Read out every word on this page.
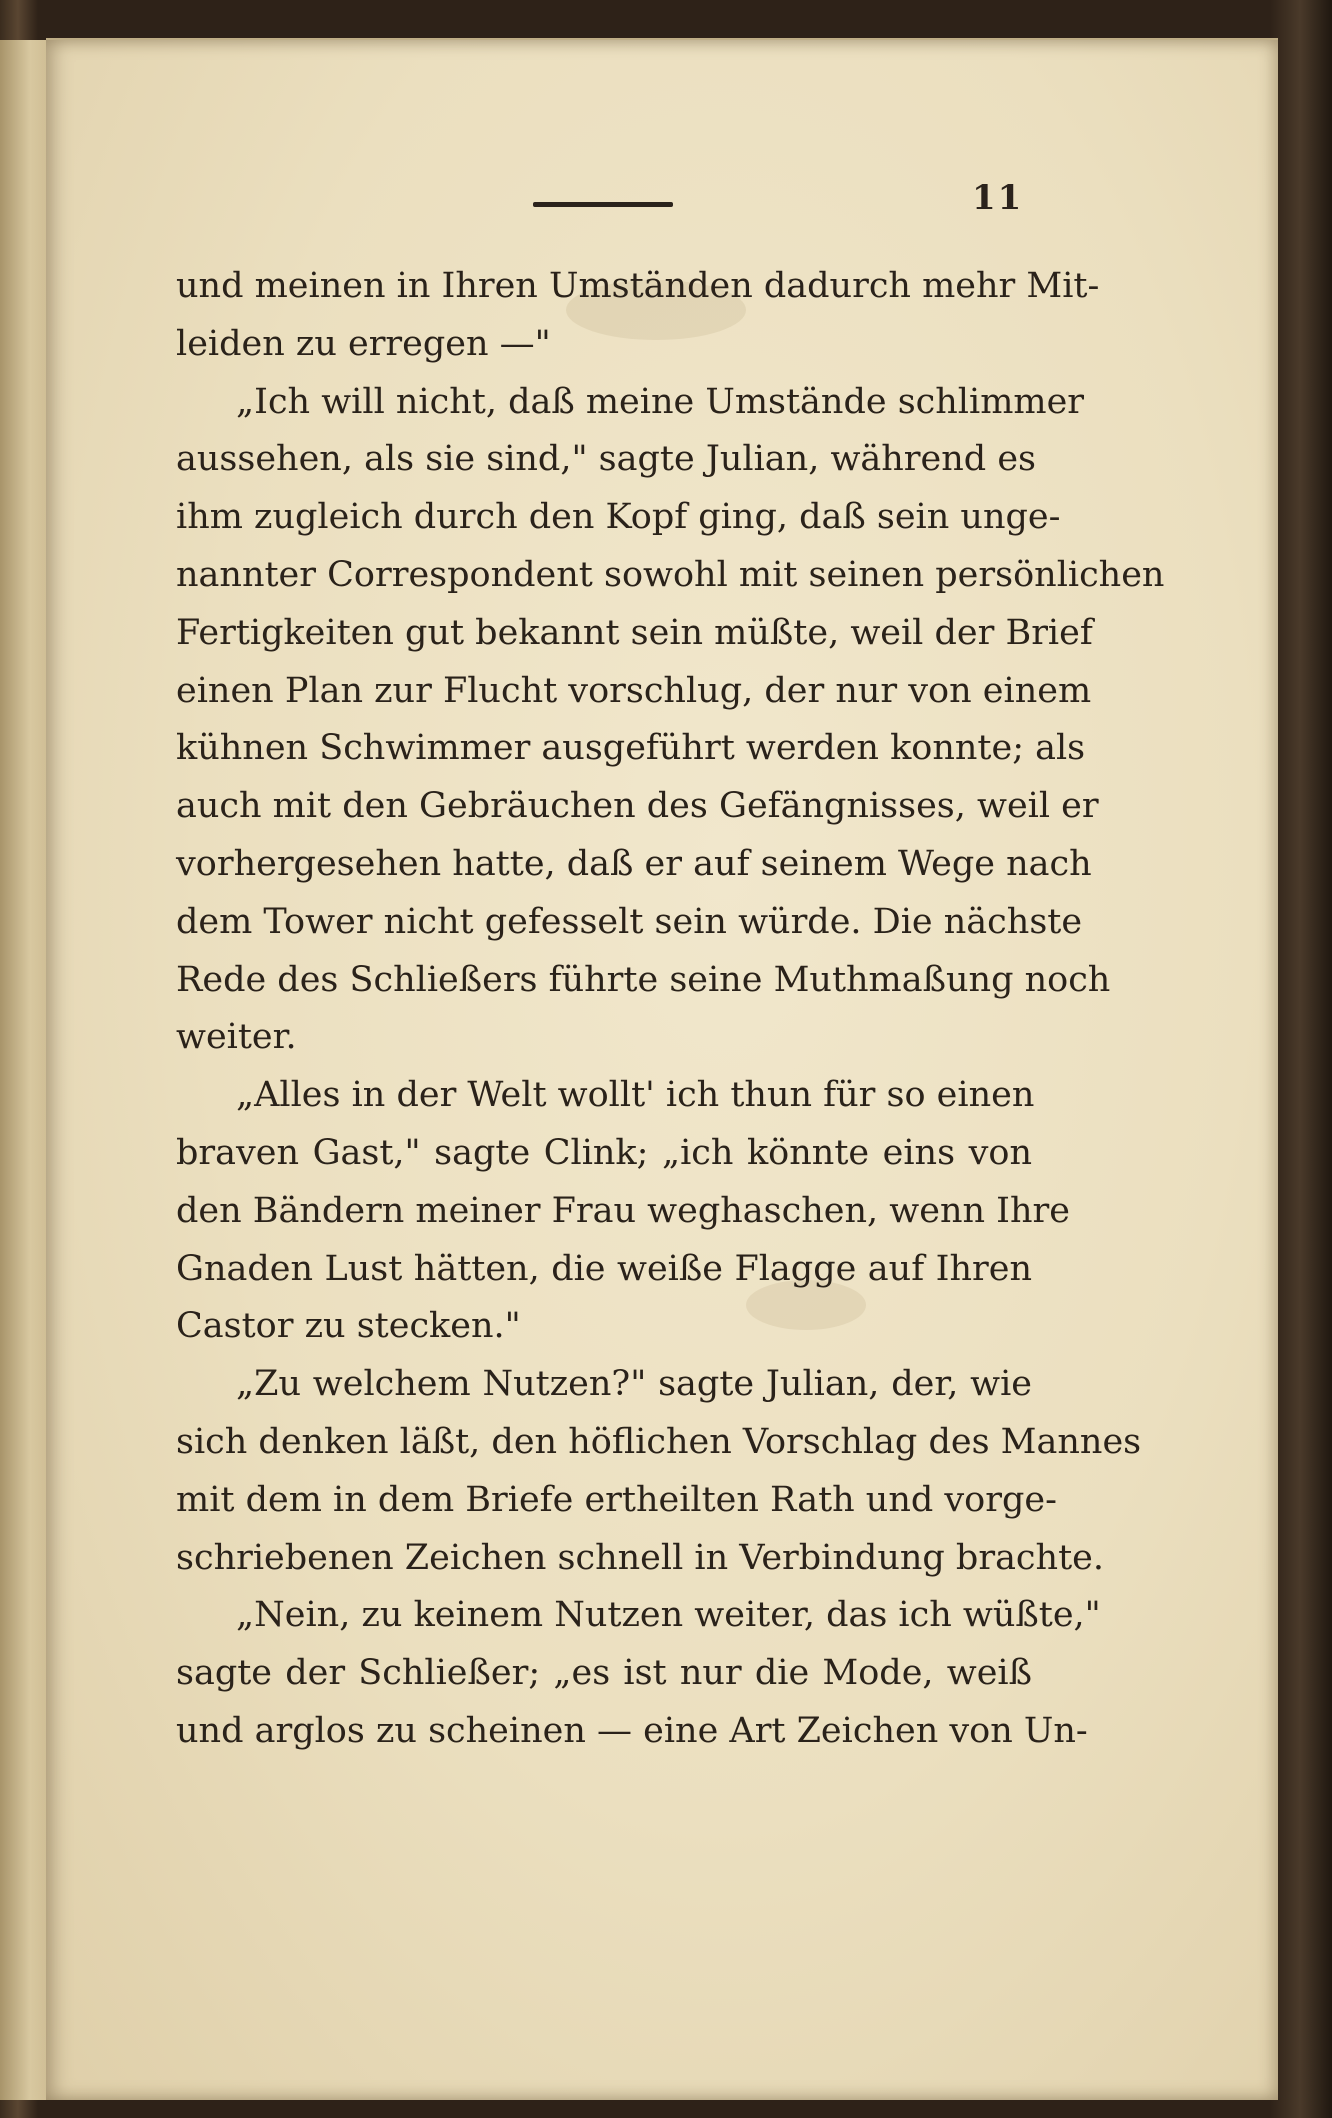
11

und meinen in Ihren Umständen dadurch mehr Mit-
leiden zu erregen —"
„Ich will nicht, daß meine Umstände schlimmer
aussehen, als sie sind," sagte Julian, während es
ihm zugleich durch den Kopf ging, daß sein unge-
nannter Correspondent sowohl mit seinen persönlichen
Fertigkeiten gut bekannt sein müßte, weil der Brief
einen Plan zur Flucht vorschlug, der nur von einem
kühnen Schwimmer ausgeführt werden konnte; als
auch mit den Gebräuchen des Gefängnisses, weil er
vorhergesehen hatte, daß er auf seinem Wege nach
dem Tower nicht gefesselt sein würde. Die nächste
Rede des Schließers führte seine Muthmaßung noch
weiter.
„Alles in der Welt wollt' ich thun für so einen
braven Gast," sagte Clink; „ich könnte eins von
den Bändern meiner Frau weghaschen, wenn Ihre
Gnaden Lust hätten, die weiße Flagge auf Ihren
Castor zu stecken."
„Zu welchem Nutzen?" sagte Julian, der, wie
sich denken läßt, den höflichen Vorschlag des Mannes
mit dem in dem Briefe ertheilten Rath und vorge-
schriebenen Zeichen schnell in Verbindung brachte.
„Nein, zu keinem Nutzen weiter, das ich wüßte,"
sagte der Schließer; „es ist nur die Mode, weiß
und arglos zu scheinen — eine Art Zeichen von Un-
